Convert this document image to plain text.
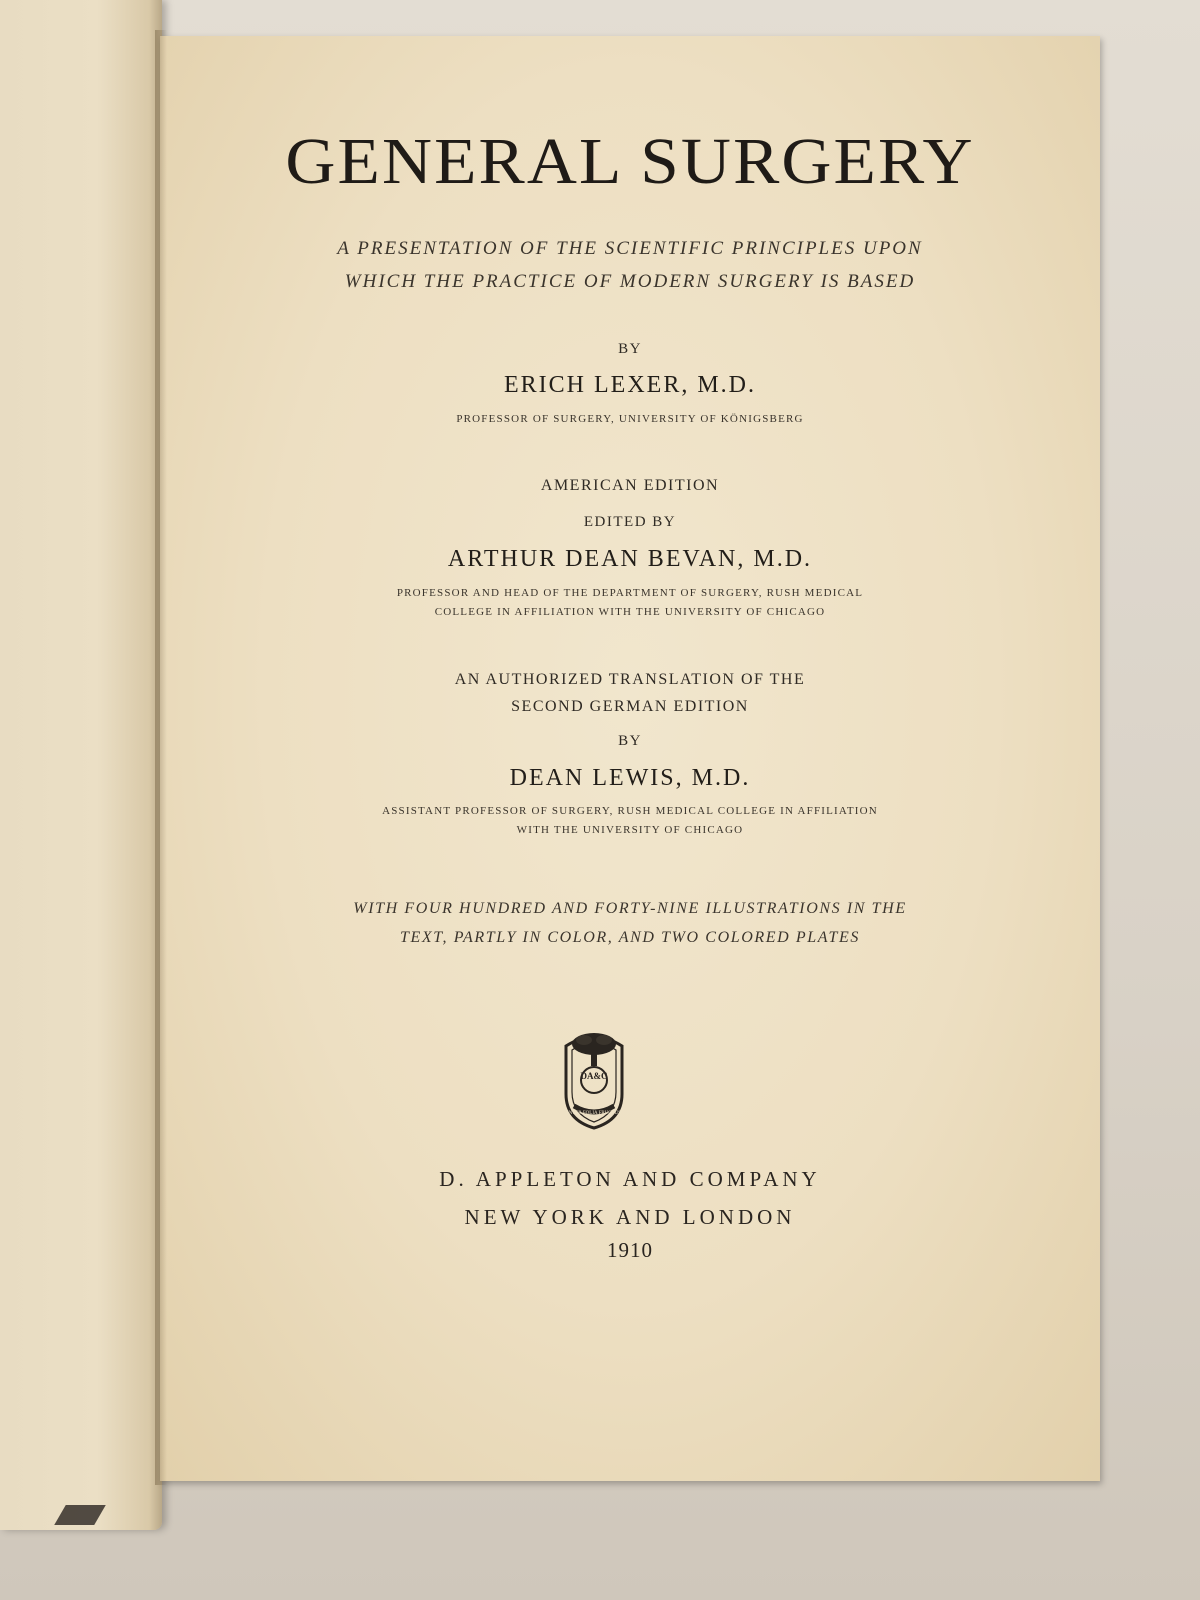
GENERAL SURGERY
A PRESENTATION OF THE SCIENTIFIC PRINCIPLES UPON
WHICH THE PRACTICE OF MODERN SURGERY IS BASED
BY
ERICH LEXER, M.D.
PROFESSOR OF SURGERY, UNIVERSITY OF KÖNIGSBERG
AMERICAN EDITION
EDITED BY
ARTHUR DEAN BEVAN, M.D.
PROFESSOR AND HEAD OF THE DEPARTMENT OF SURGERY, RUSH MEDICAL
COLLEGE IN AFFILIATION WITH THE UNIVERSITY OF CHICAGO
AN AUTHORIZED TRANSLATION OF THE
SECOND GERMAN EDITION
BY
DEAN LEWIS, M.D.
ASSISTANT PROFESSOR OF SURGERY, RUSH MEDICAL COLLEGE IN AFFILIATION
WITH THE UNIVERSITY OF CHICAGO
WITH FOUR HUNDRED AND FORTY-NINE ILLUSTRATIONS IN THE
TEXT, PARTLY IN COLOR, AND TWO COLORED PLATES
DA&C
INTER FOLIA FRUCTUS
D. APPLETON AND COMPANY
NEW YORK AND LONDON
1910
